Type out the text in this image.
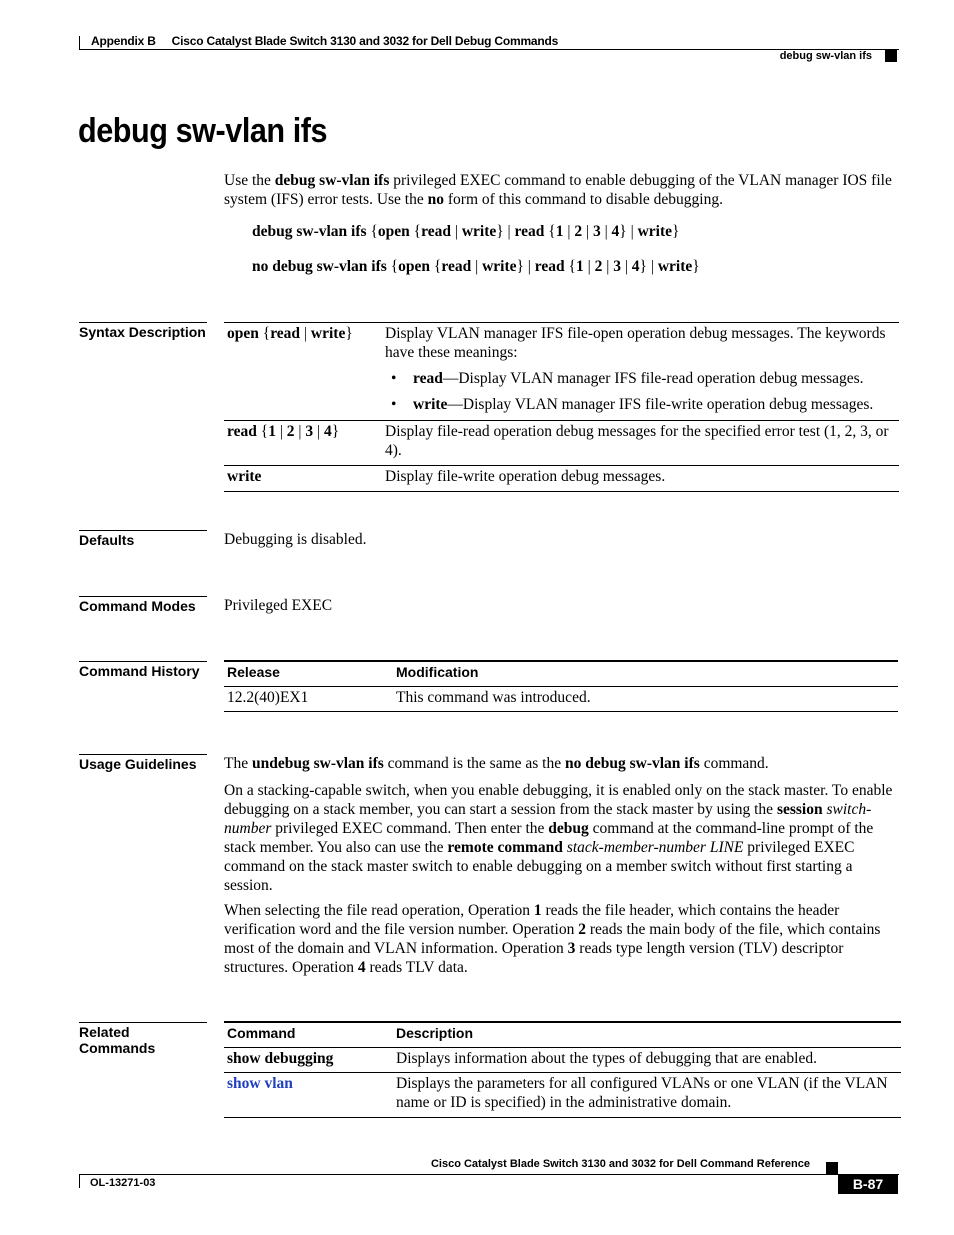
Appendix B Cisco Catalyst Blade Switch 3130 and 3032 for Dell Debug Commands
debug sw-vlan ifs
debug sw-vlan ifs
Use the debug sw-vlan ifs privileged EXEC command to enable debugging of the VLAN manager IOS file system (IFS) error tests. Use the no form of this command to disable debugging.
debug sw-vlan ifs {open {read | write} | read {1 | 2 | 3 | 4} | write}
no debug sw-vlan ifs {open {read | write} | read {1 | 2 | 3 | 4} | write}
Syntax Description open {read | write}	Display VLAN manager IFS file-open operation debug messages. The keywords have these meanings:
• read—Display VLAN manager IFS file-read operation debug messages.
• write—Display VLAN manager IFS file-write operation debug messages.

read {1 | 2 | 3 | 4}	Display file-read operation debug messages for the specified error test (1, 2, 3, or 4).
write	Display file-write operation debug messages.
Defaults	Debugging is disabled.
Command Modes	Privileged EXEC
Command History	Release	Modification
12.2(40)EX1	This command was introduced.
Usage Guidelines	The undebug sw-vlan ifs command is the same as the no debug sw-vlan ifs command.
On a stacking-capable switch, when you enable debugging, it is enabled only on the stack master. To enable debugging on a stack member, you can start a session from the stack master by using the session switch-number privileged EXEC command. Then enter the debug command at the command-line prompt of the stack member. You also can use the remote command stack-member-number LINE privileged EXEC command on the stack master switch to enable debugging on a member switch without first starting a session.
When selecting the file read operation, Operation 1 reads the file header, which contains the header verification word and the file version number. Operation 2 reads the main body of the file, which contains most of the domain and VLAN information. Operation 3 reads type length version (TLV) descriptor structures. Operation 4 reads TLV data.
Related Commands
Command	Description
show debugging	Displays information about the types of debugging that are enabled.
show vlan	Displays the parameters for all configured VLANs or one VLAN (if the VLAN name or ID is specified) in the administrative domain.
Cisco Catalyst Blade Switch 3130 and 3032 for Dell Command Reference
OL-13271-03	B-87
